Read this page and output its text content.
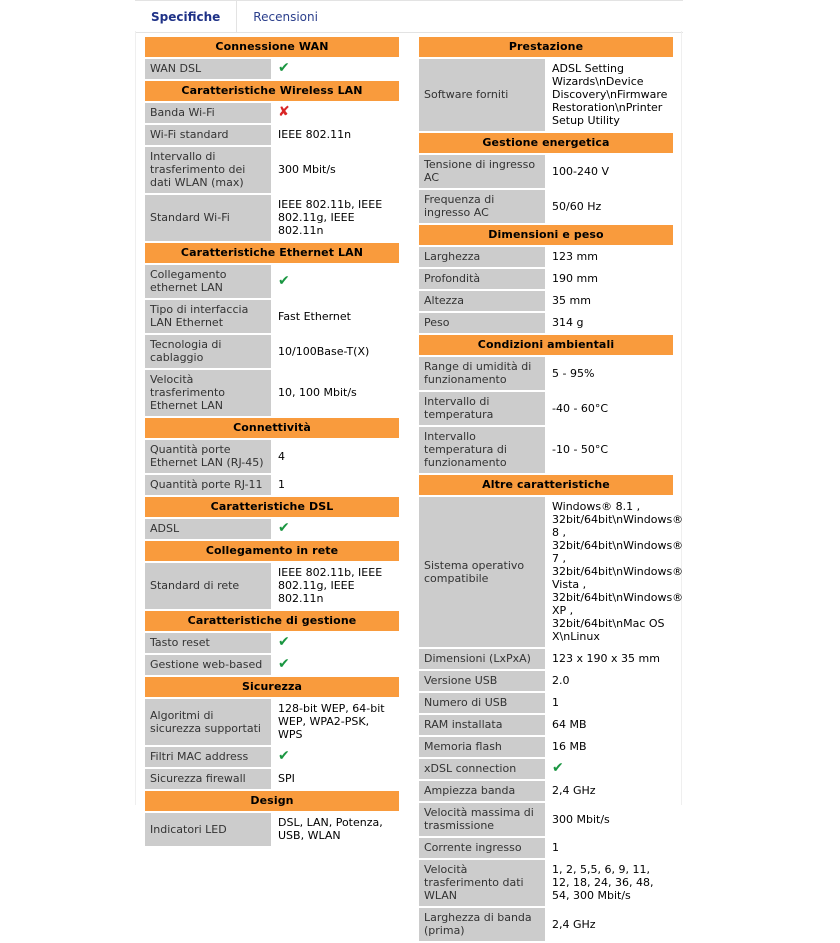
Specifiche	Recensioni
Connessione WAN	
WAN DSL	✔
Caratteristiche Wireless LAN	
Banda Wi-Fi	✘
Wi-Fi standard	IEEE 802.11n
Intervallo di trasferimento dei dati WLAN (max)	300 Mbit/s
Standard Wi-Fi	IEEE 802.11b, IEEE 802.11g, IEEE 802.11n
Caratteristiche Ethernet LAN	
Collegamento ethernet LAN	✔
Tipo di interfaccia LAN Ethernet	Fast Ethernet
Tecnologia di cablaggio	10/100Base-T(X)
Velocità trasferimento Ethernet LAN	10, 100 Mbit/s
Connettività	
Quantità porte Ethernet LAN (RJ-45)	4
Quantità porte RJ-11	1
Caratteristiche DSL	
ADSL	✔
Collegamento in rete	
Standard di rete	IEEE 802.11b, IEEE 802.11g, IEEE 802.11n
Caratteristiche di gestione	
Tasto reset	✔
Gestione web-based	✔
Sicurezza	
Algoritmi di sicurezza supportati	128-bit WEP, 64-bit WEP, WPA2-PSK, WPS
Filtri MAC address	✔
Sicurezza firewall	SPI
Design	
Indicatori LED	DSL, LAN, Potenza, USB, WLAN
Prestazione	
Software forniti	ADSL Setting Wizards\nDevice Discovery\nFirmware Restoration\nPrinter Setup Utility
Gestione energetica	
Tensione di ingresso AC	100-240 V
Frequenza di ingresso AC	50/60 Hz
Dimensioni e peso	
Larghezza	123 mm
Profondità	190 mm
Altezza	35 mm
Peso	314 g
Condizioni ambientali	
Range di umidità di funzionamento	5 - 95%
Intervallo di temperatura	-40 - 60°C
Intervallo temperatura di funzionamento	-10 - 50°C
Altre caratteristiche	
Sistema operativo compatibile	Windows® 8.1 , 32bit/64bit\nWindows® 8 , 32bit/64bit\nWindows® 7 , 32bit/64bit\nWindows® Vista , 32bit/64bit\nWindows® XP , 32bit/64bit\nMac OS X\nLinux
Dimensioni (LxPxA)	123 x 190 x 35 mm
Versione USB	2.0
Numero di USB	1
RAM installata	64 MB
Memoria flash	16 MB
xDSL connection	✔
Ampiezza banda	2,4 GHz
Velocità massima di trasmissione	300 Mbit/s
Corrente ingresso	1
Velocità trasferimento dati WLAN	1, 2, 5,5, 6, 9, 11, 12, 18, 24, 36, 48, 54, 300 Mbit/s
Larghezza di banda (prima)	2,4 GHz
